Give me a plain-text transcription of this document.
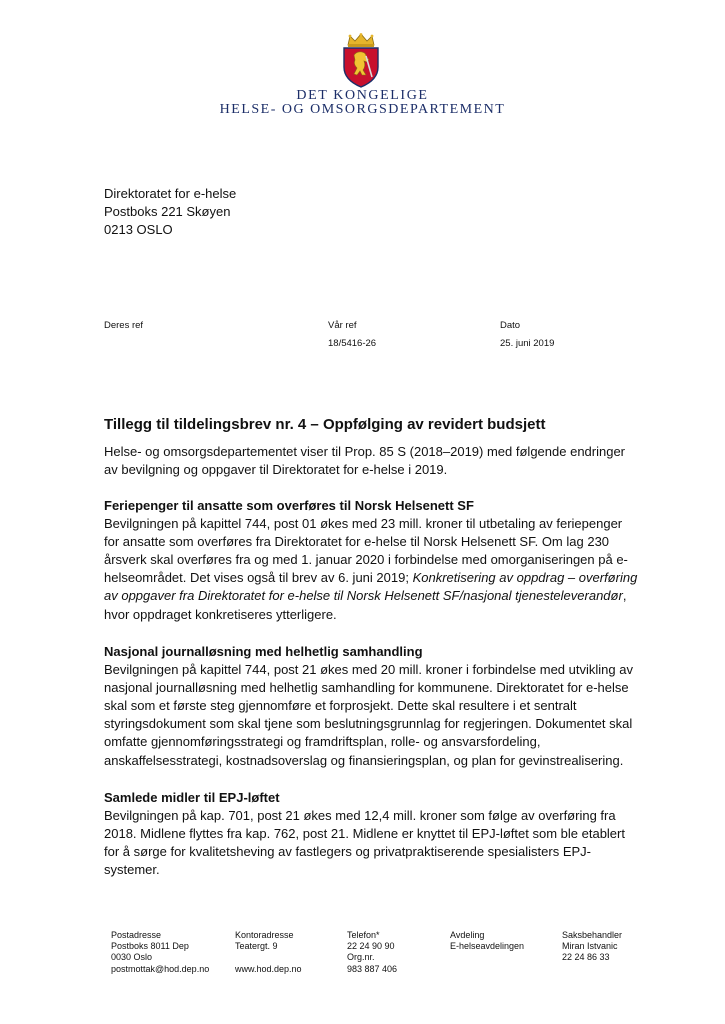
DET KONGELIGE
HELSE- OG OMSORGSDEPARTEMENT
Direktoratet for e-helse
Postboks 221 Skøyen
0213 OSLO
Deres ref	Vår ref
18/5416-26
Dato
25. juni 2019
Tillegg til tildelingsbrev nr. 4 – Oppfølging av revidert budsjett
Helse- og omsorgsdepartementet viser til Prop. 85 S (2018–2019) med følgende endringer
av bevilgning og oppgaver til Direktoratet for e-helse i 2019.
Feriepenger til ansatte som overføres til Norsk Helsenett SF
Bevilgningen på kapittel 744, post 01 økes med 23 mill. kroner til utbetaling av feriepenger
for ansatte som overføres fra Direktoratet for e-helse til Norsk Helsenett SF. Om lag 230
årsverk skal overføres fra og med 1. januar 2020 i forbindelse med omorganiseringen på e-
helseområdet. Det vises også til brev av 6. juni 2019; Konkretisering av oppdrag – overføring
av oppgaver fra Direktoratet for e-helse til Norsk Helsenett SF/nasjonal tjenesteleverandør,
hvor oppdraget konkretiseres ytterligere.
Nasjonal journalløsning med helhetlig samhandling
Bevilgningen på kapittel 744, post 21 økes med 20 mill. kroner i forbindelse med utvikling av
nasjonal journalløsning med helhetlig samhandling for kommunene. Direktoratet for e-helse
skal som et første steg gjennomføre et forprosjekt. Dette skal resultere i et sentralt
styringsdokument som skal tjene som beslutningsgrunnlag for regjeringen. Dokumentet skal
omfatte gjennomføringsstrategi og framdriftsplan, rolle- og ansvarsfordeling,
anskaffelsesstrategi, kostnadsoverslag og finansieringsplan, og plan for gevinstrealisering.
Samlede midler til EPJ-løftet
Bevilgningen på kap. 701, post 21 økes med 12,4 mill. kroner som følge av overføring fra
2018. Midlene flyttes fra kap. 762, post 21. Midlene er knyttet til EPJ-løftet som ble etablert
for å sørge for kvalitetsheving av fastlegers og privatpraktiserende spesialisters EPJ-
systemer.
Postadresse
Postboks 8011 Dep
0030 Oslo
postmottak@hod.dep.no
Kontoradresse
Teatergt. 9

www.hod.dep.no
Telefon*
22 24 90 90
Org.nr.
983 887 406
Avdeling
E-helseavdelingen
Saksbehandler
Miran Istvanic
22 24 86 33
